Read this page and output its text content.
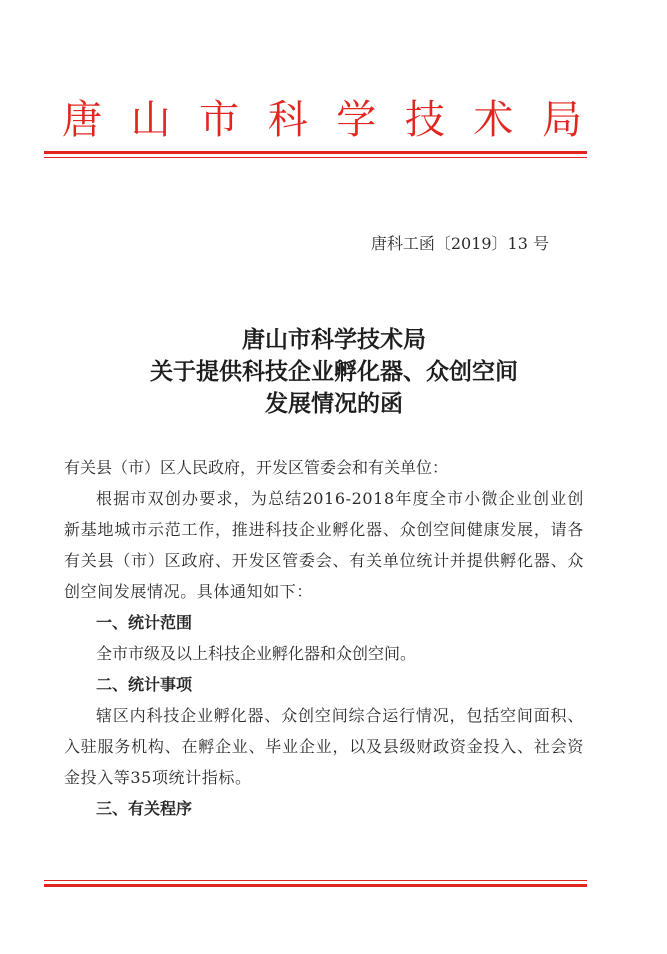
唐 山 市 科 学 技 术 局
唐科工函〔2019〕13 号
唐山市科学技术局
关于提供科技企业孵化器、众创空间
发展情况的函

有关县（市）区人民政府，开发区管委会和有关单位：

根据市双创办要求，为总结2016-2018年度全市小微企业创业创新基地城市示范工作，推进科技企业孵化器、众创空间健康发展，请各有关县（市）区政府、开发区管委会、有关单位统计并提供孵化器、众创空间发展情况。具体通知如下：

一、统计范围

全市市级及以上科技企业孵化器和众创空间。

二、统计事项

辖区内科技企业孵化器、众创空间综合运行情况，包括空间面积、入驻服务机构、在孵企业、毕业企业，以及县级财政资金投入、社会资金投入等35项统计指标。

三、有关程序
